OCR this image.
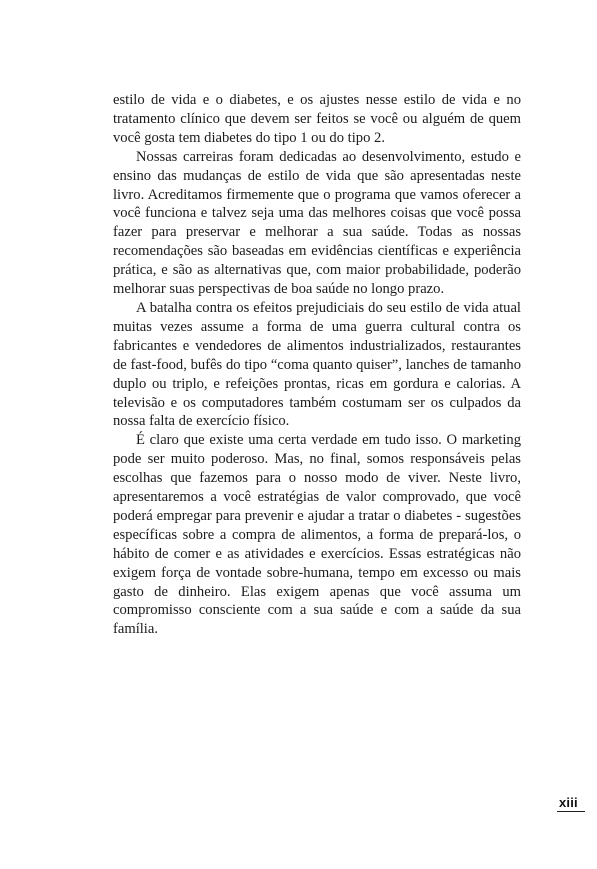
estilo de vida e o diabetes, e os ajustes nesse estilo de vida e no tratamento clínico que devem ser feitos se você ou alguém de quem você gosta tem diabetes do tipo 1 ou do tipo 2.

Nossas carreiras foram dedicadas ao desenvolvimento, estudo e ensino das mudanças de estilo de vida que são apresentadas neste livro. Acreditamos firmemente que o programa que vamos oferecer a você funciona e talvez seja uma das melhores coisas que você possa fazer para preservar e melhorar a sua saúde. Todas as nossas recomendações são baseadas em evidências científicas e experiência prática, e são as alternativas que, com maior probabilidade, poderão melhorar suas perspectivas de boa saúde no longo prazo.

A batalha contra os efeitos prejudiciais do seu estilo de vida atual muitas vezes assume a forma de uma guerra cultural contra os fabricantes e vendedores de alimentos industrializados, restaurantes de fast-food, bufês do tipo “coma quanto quiser”, lanches de tamanho duplo ou triplo, e refeições prontas, ricas em gordura e calorias. A televisão e os computadores também costumam ser os culpados da nossa falta de exercício físico.

É claro que existe uma certa verdade em tudo isso. O marketing pode ser muito poderoso. Mas, no final, somos responsáveis pelas escolhas que fazemos para o nosso modo de viver. Neste livro, apresentaremos a você estratégias de valor comprovado, que você poderá empregar para prevenir e ajudar a tratar o diabetes - sugestões específicas sobre a compra de alimentos, a forma de prepará-los, o hábito de comer e as atividades e exercícios. Essas estratégicas não exigem força de vontade sobre-humana, tempo em excesso ou mais gasto de dinheiro. Elas exigem apenas que você assuma um compromisso consciente com a sua saúde e com a saúde da sua família.

xiii
